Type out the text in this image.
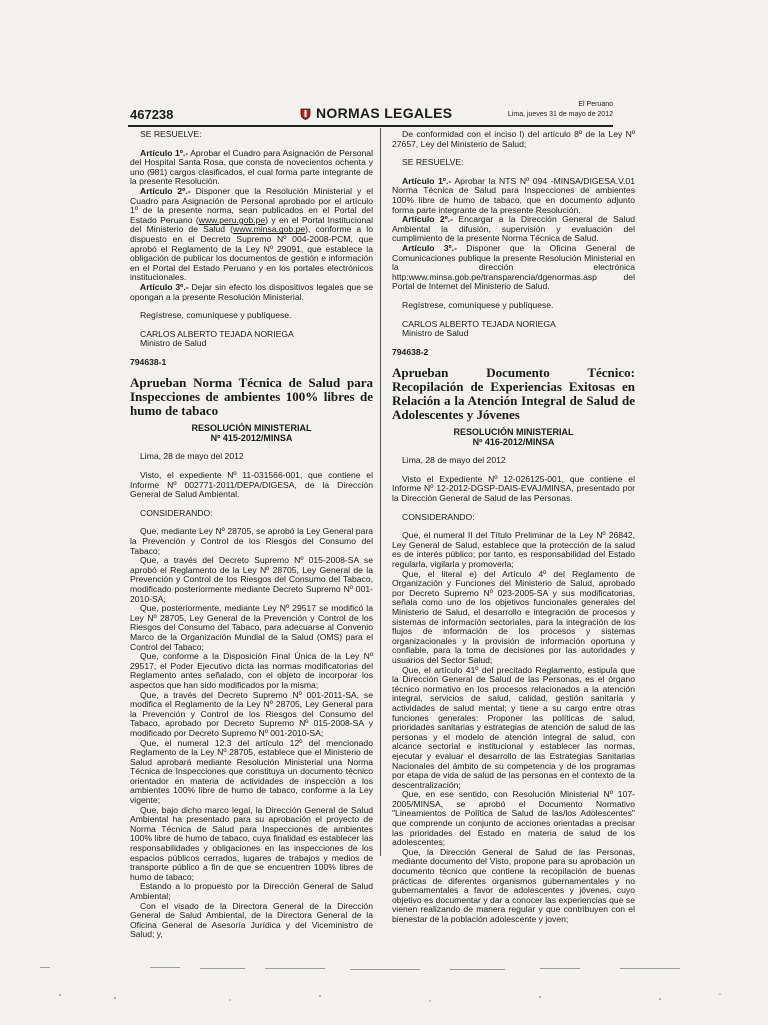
467238	NORMAS LEGALES
El Peruano
Lima, jueves 31 de mayo de 2012

SE RESUELVE:

Artículo 1º.- Aprobar el Cuadro para Asignación de Personal del Hospital Santa Rosa, que consta de novecientos ochenta y uno (981) cargos clasificados, el cual forma parte integrante de la presente Resolución.

Artículo 2º.- Disponer que la Resolución Ministerial y el Cuadro para Asignación de Personal aprobado por el artículo 1º de la presente norma, sean publicados en el Portal del Estado Peruano (www.peru.gob.pe) y en el Portal Institucional del Ministerio de Salud (www.minsa.gob.pe), conforme a lo dispuesto en el Decreto Supremo Nº 004-2008-PCM, que aprobó el Reglamento de la Ley Nº 29091, que establece la obligación de publicar los documentos de gestión e información en el Portal del Estado Peruano y en los portales electrónicos institucionales.

Artículo 3º.- Dejar sin efecto los dispositivos legales que se opongan a la presente Resolución Ministerial.

Regístrese, comuníquese y publíquese.

CARLOS ALBERTO TEJADA NORIEGA

Ministro de Salud

794638-1

Aprueban Norma Técnica de Salud para Inspecciones de ambientes 100% libres de humo de tabaco

RESOLUCIÓN MINISTERIAL

Nº 415-2012/MINSA

Lima, 28 de mayo del 2012

Visto, el expediente Nº 11-031566-001, que contiene el Informe Nº 002771-2011/DEPA/DIGESA, de la Dirección General de Salud Ambiental.

CONSIDERANDO:

Que, mediante Ley Nº 28705, se aprobó la Ley General para la Prevención y Control de los Riesgos del Consumo del Tabaco;

Que, a través del Decreto Supremo Nº 015-2008-SA se aprobó el Reglamento de la Ley Nº 28705, Ley General de la Prevención y Control de los Riesgos del Consumo del Tabaco, modificado posteriormente mediante Decreto Supremo Nº 001-2010-SA;

Que, posteriormente, mediante Ley Nº 29517 se modificó la Ley Nº 28705, Ley General de la Prevención y Control de los Riesgos del Consumo del Tabaco, para adecuarse al Convenio Marco de la Organización Mundial de la Salud (OMS) para el Control del Tabaco;

Que, conforme a la Disposición Final Única de la Ley Nº 29517, el Poder Ejecutivo dicta las normas modificatorias del Reglamento antes señalado, con el objeto de incorporar los aspectos que han sido modificados por la misma;

Que, a través del Decreto Supremo Nº 001-2011-SA, se modifica el Reglamento de la Ley Nº 28705, Ley General para la Prevención y Control de los Riesgos del Consumo del Tabaco, aprobado por Decreto Supremo Nº 015-2008-SA y modificado por Decreto Supremo Nº 001-2010-SA;

Que, el numeral 12.3 del artículo 12º del mencionado Reglamento de la Ley Nº 28705, establece que el Ministerio de Salud aprobará mediante Resolución Ministerial una Norma Técnica de Inspecciones que constituya un documento técnico orientador en materia de actividades de inspección a los ambientes 100% libre de humo de tabaco, conforme a la Ley vigente;

Que, bajo dicho marco legal, la Dirección General de Salud Ambiental ha presentado para su aprobación el proyecto de Norma Técnica de Salud para Inspecciones de ambientes 100% libre de humo de tabaco, cuya finalidad es establecer las responsabilidades y obligaciones en las inspecciones de los espacios públicos cerrados, lugares de trabajos y medios de transporte público a fin de que se encuentren 100% libres de humo de tabaco;

Estando a lo propuesto por la Dirección General de Salud Ambiental;

Con el visado de la Directora General de la Dirección General de Salud Ambiental, de la Directora General de la Oficina General de Asesoría Jurídica y del Viceministro de Salud; y,

De conformidad con el inciso l) del artículo 8º de la Ley Nº 27657, Ley del Ministerio de Salud;

SE RESUELVE:

Artículo 1º.- Aprobar la NTS Nº 094 -MINSA/DIGESA.V.01 Norma Técnica de Salud para Inspecciones de ambientes 100% libre de humo de tabaco, que en documento adjunto forma parte integrante de la presente Resolución.

Artículo 2º.- Encargar a la Dirección General de Salud Ambiental la difusión, supervisión y evaluación del cumplimiento de la presente Norma Técnica de Salud.

Artículo 3º.- Disponer que la Oficina General de Comunicaciones publique la presente Resolución Ministerial en la dirección electrónica http:www.minsa.gob.pe/transparencia/dgenormas.asp del Portal de Internet del Ministerio de Salud.

Regístrese, comuníquese y publíquese.

CARLOS ALBERTO TEJADA NORIEGA

Ministro de Salud

794638-2

Aprueban Documento Técnico: Recopilación de Experiencias Exitosas en Relación a la Atención Integral de Salud de Adolescentes y Jóvenes

RESOLUCIÓN MINISTERIAL

Nº 416-2012/MINSA

Lima, 28 de mayo del 2012

Visto el Expediente Nº 12-026125-001, que contiene el Informe Nº 12-2012-DGSP-DAIS-EVAJ/MINSA, presentado por la Dirección General de Salud de las Personas.

CONSIDERANDO:

Que, el numeral II del Título Preliminar de la Ley Nº 26842, Ley General de Salud, establece que la protección de la salud es de interés público; por tanto, es responsabilidad del Estado regularla, vigilarla y promoverla;

Que, el literal e) del Artículo 4º del Reglamento de Organización y Funciones del Ministerio de Salud, aprobado por Decreto Supremo Nº 023-2005-SA y sus modificatorias, señala como uno de los objetivos funcionales generales del Ministerio de Salud, el desarrollo e integración de procesos y sistemas de información sectoriales, para la integración de los flujos de información de los procesos y sistemas organizacionales y la provisión de información oportuna y confiable, para la toma de decisiones por las autoridades y usuarios del Sector Salud;

Que, el artículo 41º del precitado Reglamento, estipula que la Dirección General de Salud de las Personas, es el órgano técnico normativo en los procesos relacionados a la atención integral, servicios de salud, calidad, gestión sanitaria y actividades de salud mental; y tiene a su cargo entre otras funciones generales: Proponer las políticas de salud, prioridades sanitarias y estrategias de atención de salud de las personas y el modelo de atención integral de salud, con alcance sectorial e institucional y establecer las normas, ejecutar y evaluar el desarrollo de las Estrategias Sanitarias Nacionales del ámbito de su competencia y de los programas por etapa de vida de salud de las personas en el contexto de la descentralización;

Que, en ese sentido, con Resolución Ministerial Nº 107-2005/MINSA, se aprobó el Documento Normativo "Lineamientos de Política de Salud de las/los Adolescentes" que comprende un conjunto de acciones orientadas a precisar las prioridades del Estado en materia de salud de los adolescentes;

Que, la Dirección General de Salud de las Personas, mediante documento del Visto, propone para su aprobación un documento técnico que contiene la recopilación de buenas prácticas de diferentes organismos gubernamentales y no gubernamentales a favor de adolescentes y jóvenes, cuyo objetivo es documentar y dar a conocer las experiencias que se vienen realizando de manera regular y que contribuyen con el bienestar de la población adolescente y joven;
